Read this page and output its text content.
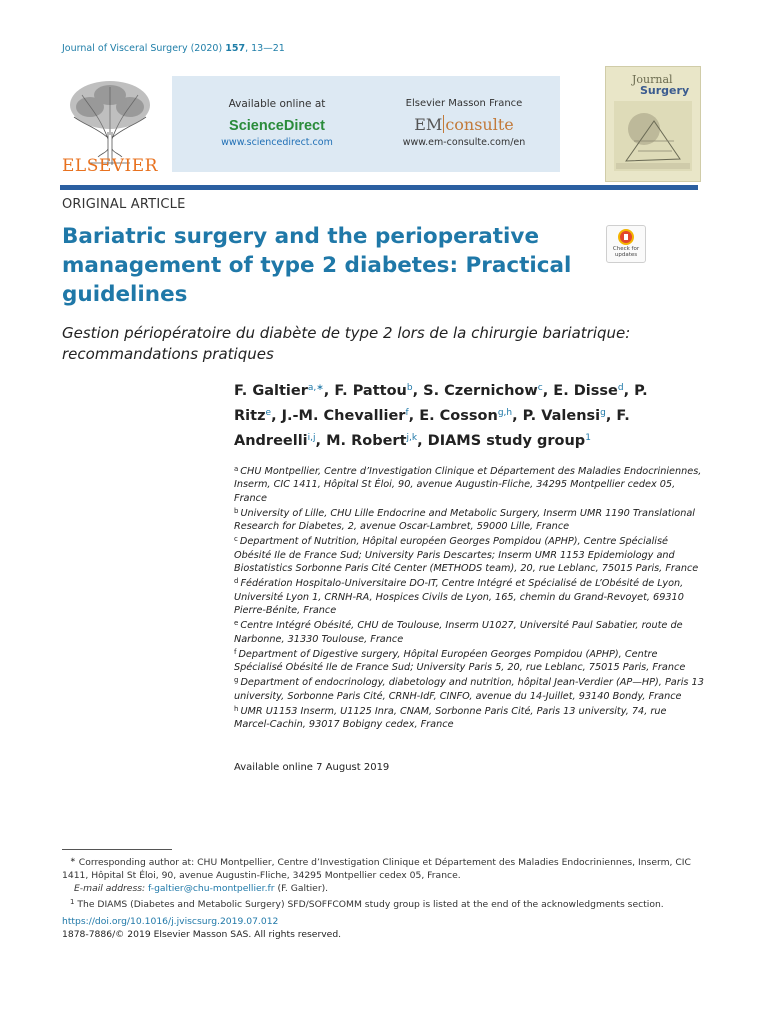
Journal of Visceral Surgery (2020) 157, 13—21
ELSEVIER
Available online at
ScienceDirect
www.sciencedirect.com
Elsevier Masson France
EM consulte
www.em-consulte.com/en
Journal
Surgery
ORIGINAL ARTICLE
Bariatric surgery and the perioperative management of type 2 diabetes: Practical guidelines
Check for updates

Gestion périopératoire du diabète de type 2 lors de la chirurgie bariatrique: recommandations pratiques

F. Galtier$^{a,∗}$, F. Pattou$^b$, S. Czernichow$^c$, E. Disse$^d$, P. Ritz$^e$, J.-M. Chevallier$^f$, E. Cosson$^{g,h}$, P. Valensi$^g$, F. Andreelli$^{i,j}$, M. Robert$^{j,k}$, DIAMS study group$^1$

$^a$ CHU Montpellier, Centre d’Investigation Clinique et Département des Maladies Endocriniennes, Inserm, CIC 1411, Hôpital St Éloi, 90, avenue Augustin-Fliche, 34295 Montpellier cedex 05, France

$^b$ University of Lille, CHU Lille Endocrine and Metabolic Surgery, Inserm UMR 1190 Translational Research for Diabetes, 2, avenue Oscar-Lambret, 59000 Lille, France

$^c$ Department of Nutrition, Hôpital européen Georges Pompidou (APHP), Centre Spécialisé Obésité Ile de France Sud; University Paris Descartes; Inserm UMR 1153 Epidemiology and Biostatistics Sorbonne Paris Cité Center (METHODS team), 20, rue Leblanc, 75015 Paris, France

$^d$ Fédération Hospitalo-Universitaire DO-IT, Centre Intégré et Spécialisé de L’Obésité de Lyon, Université Lyon 1, CRNH-RA, Hospices Civils de Lyon, 165, chemin du Grand-Revoyet, 69310 Pierre-Bénite, France

$^e$ Centre Intégré Obésité, CHU de Toulouse, Inserm U1027, Université Paul Sabatier, route de Narbonne, 31330 Toulouse, France

$^f$ Department of Digestive surgery, Hôpital Européen Georges Pompidou (APHP), Centre Spécialisé Obésité Ile de France Sud; University Paris 5, 20, rue Leblanc, 75015 Paris, France

$^g$ Department of endocrinology, diabetology and nutrition, hôpital Jean-Verdier (AP—HP), Paris 13 university, Sorbonne Paris Cité, CRNH-IdF, CINFO, avenue du 14-Juillet, 93140 Bondy, France

$^h$ UMR U1153 Inserm, U1125 Inra, CNAM, Sorbonne Paris Cité, Paris 13 university, 74, rue Marcel-Cachin, 93017 Bobigny cedex, France

Available online 7 August 2019

∗ Corresponding author at: CHU Montpellier, Centre d’Investigation Clinique et Département des Maladies Endocriniennes, Inserm, CIC 1411, Hôpital St Éloi, 90, avenue Augustin-Fliche, 34295 Montpellier cedex 05, France.

E-mail address: f-galtier@chu-montpellier.fr (F. Galtier).

$^1$ The DIAMS (Diabetes and Metabolic Surgery) SFD/SOFFCOMM study group is listed at the end of the acknowledgments section.

https://doi.org/10.1016/j.jviscsurg.2019.07.012
1878-7886/© 2019 Elsevier Masson SAS. All rights reserved.
